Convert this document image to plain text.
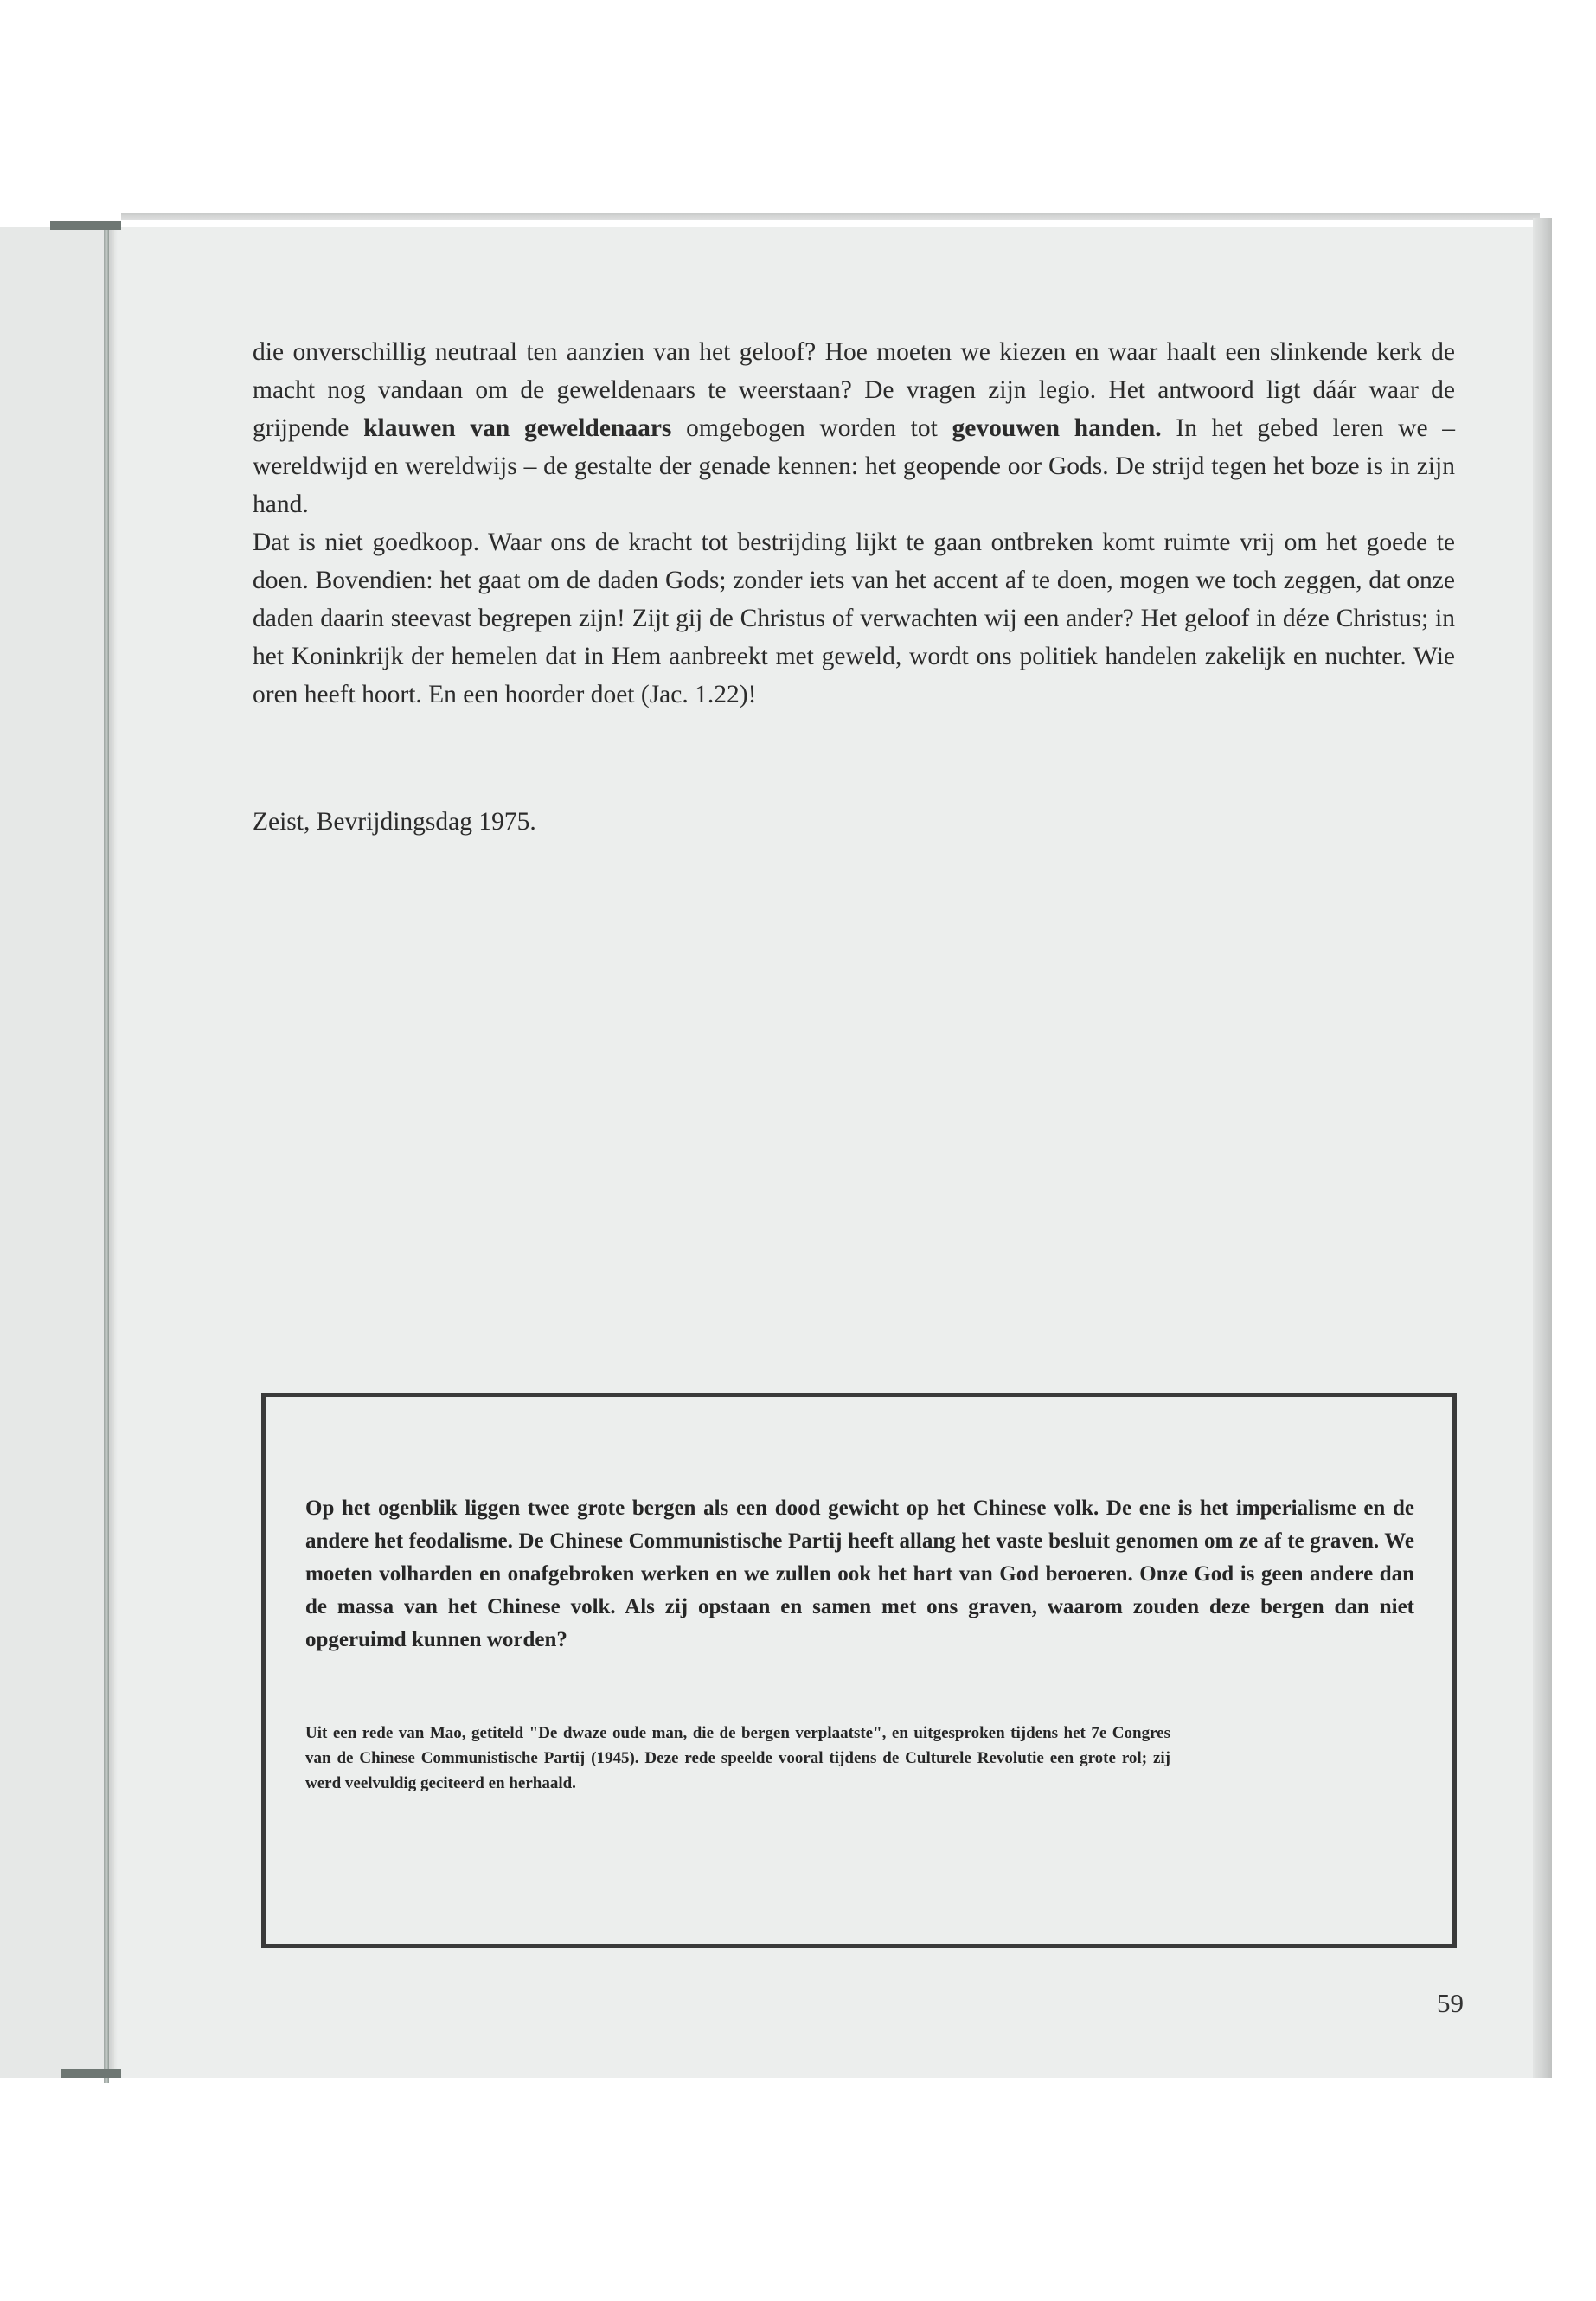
die onverschillig neutraal ten aanzien van het geloof? Hoe moeten we kiezen en waar haalt een slinkende kerk de macht nog vandaan om de geweldenaars te weerstaan? De vragen zijn legio. Het antwoord ligt dáár waar de grijpende klauwen van geweldenaars omgebogen worden tot gevouwen handen. In het gebed leren we – wereldwijd en wereldwijs – de gestalte der genade kennen: het geopende oor Gods. De strijd tegen het boze is in zijn hand.

Dat is niet goedkoop. Waar ons de kracht tot bestrijding lijkt te gaan ontbreken komt ruimte vrij om het goede te doen. Bovendien: het gaat om de daden Gods; zonder iets van het accent af te doen, mogen we toch zeggen, dat onze daden daarin steevast begrepen zijn! Zijt gij de Christus of verwachten wij een ander? Het geloof in déze Christus; in het Koninkrijk der hemelen dat in Hem aanbreekt met geweld, wordt ons politiek handelen zakelijk en nuchter. Wie oren heeft hoort. En een hoorder doet (Jac. 1.22)!

Zeist, Bevrijdingsdag 1975.

Op het ogenblik liggen twee grote bergen als een dood gewicht op het Chinese volk. De ene is het imperialisme en de andere het feodalisme. De Chinese Communistische Partij heeft allang het vaste besluit genomen om ze af te graven. We moeten volharden en onafgebroken werken en we zullen ook het hart van God beroeren. Onze God is geen andere dan de massa van het Chinese volk. Als zij opstaan en samen met ons graven, waarom zouden deze bergen dan niet opgeruimd kunnen worden?

Uit een rede van Mao, getiteld "De dwaze oude man, die de bergen verplaatste", en uitgesproken tijdens het 7e Congres van de Chinese Communistische Partij (1945). Deze rede speelde vooral tijdens de Culturele Revolutie een grote rol; zij werd veelvuldig geciteerd en herhaald.

59
